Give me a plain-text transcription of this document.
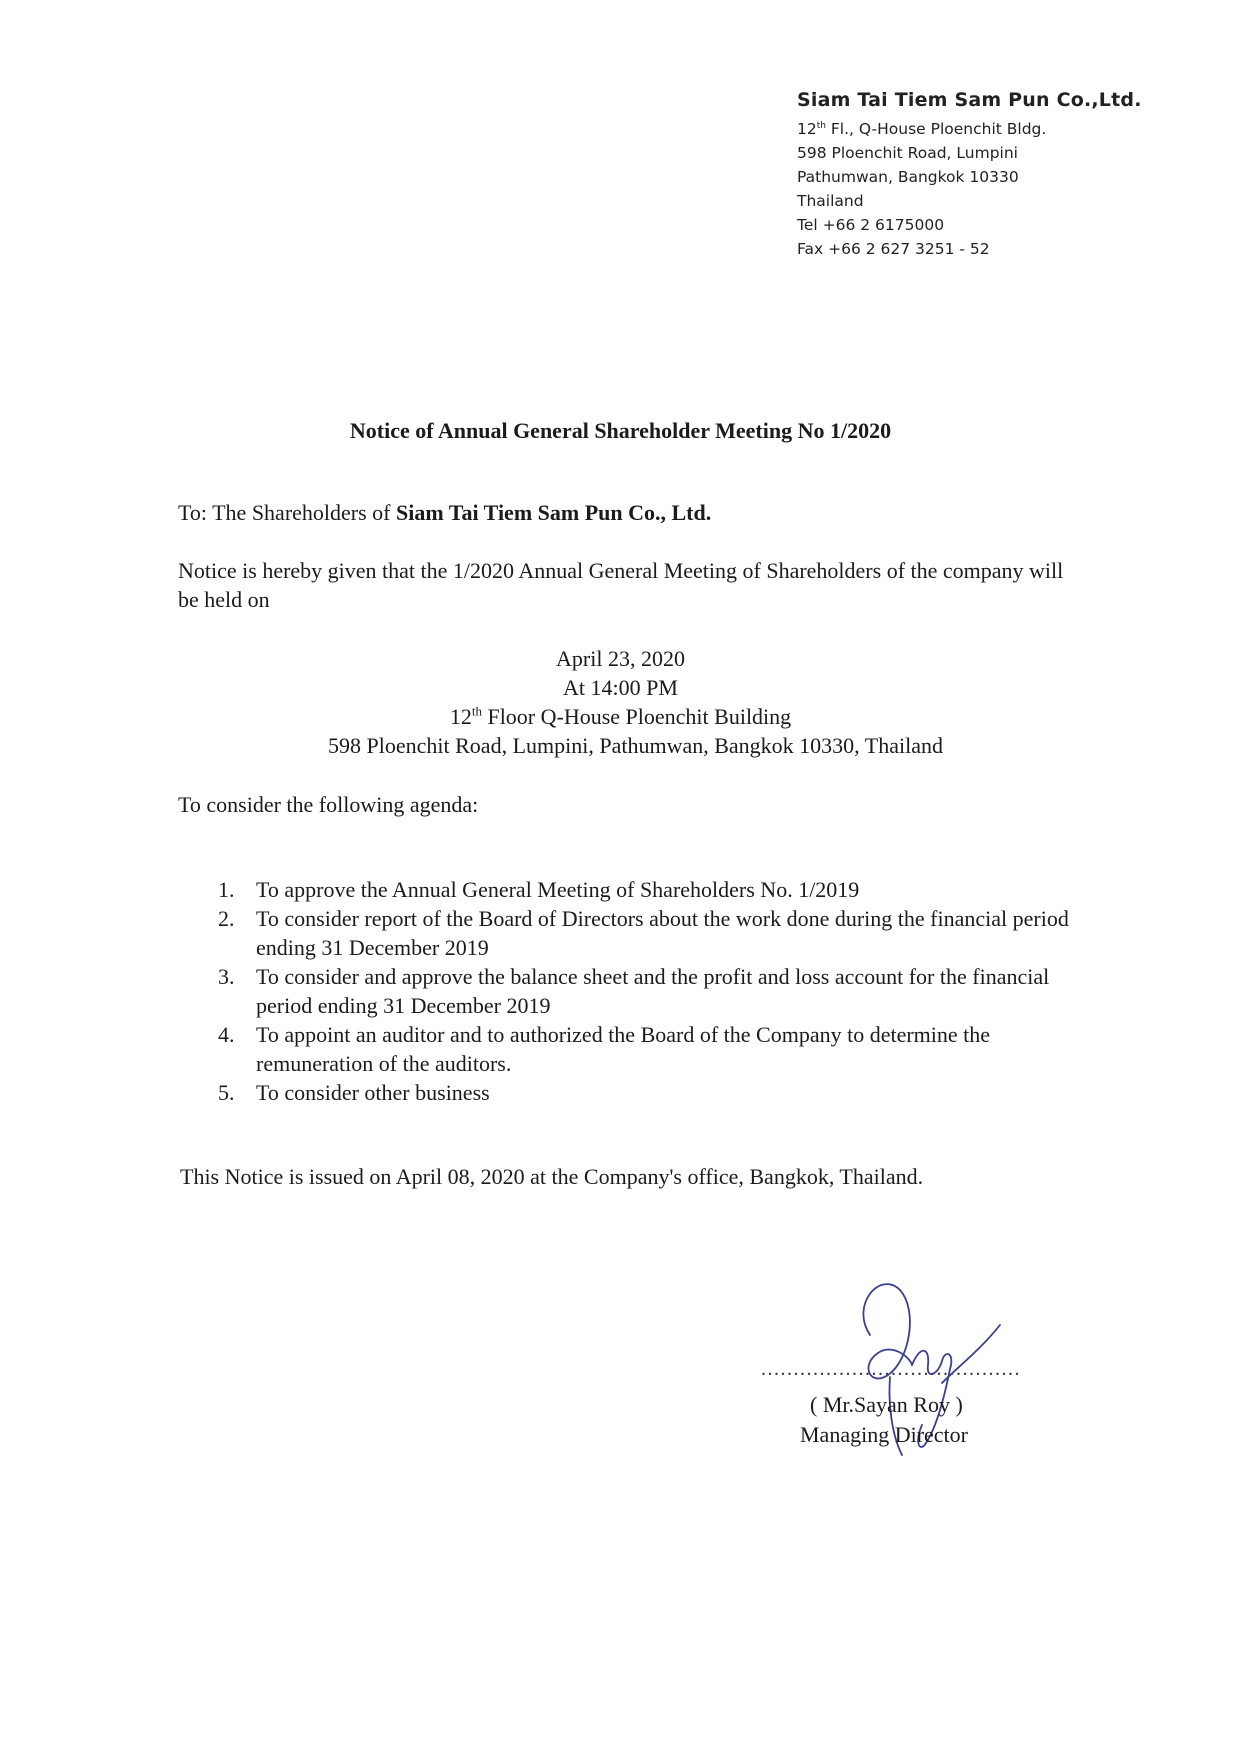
Siam Tai Tiem Sam Pun Co.,Ltd.
12th Fl., Q-House Ploenchit Bldg.
598 Ploenchit Road, Lumpini
Pathumwan, Bangkok 10330
Thailand
Tel +66 2 6175000
Fax +66 2 627 3251 - 52
Notice of Annual General Shareholder Meeting No 1/2020
To: The Shareholders of Siam Tai Tiem Sam Pun Co., Ltd.
Notice is hereby given that the 1/2020 Annual General Meeting of Shareholders of the company will be held on
April 23, 2020
At 14:00 PM
12th Floor Q-House Ploenchit Building
598 Ploenchit Road, Lumpini, Pathumwan, Bangkok 10330, Thailand
To consider the following agenda:
1. To approve the Annual General Meeting of Shareholders No. 1/2019
2. To consider report of the Board of Directors about the work done during the financial period ending 31 December 2019
3. To consider and approve the balance sheet and the profit and loss account for the financial period ending 31 December 2019
4. To appoint an auditor and to authorized the Board of the Company to determine the remuneration of the auditors.
5. To consider other business
This Notice is issued on April 08, 2020 at the Company's office, Bangkok, Thailand.
........................................
( Mr.Sayan Roy )
Managing Director
